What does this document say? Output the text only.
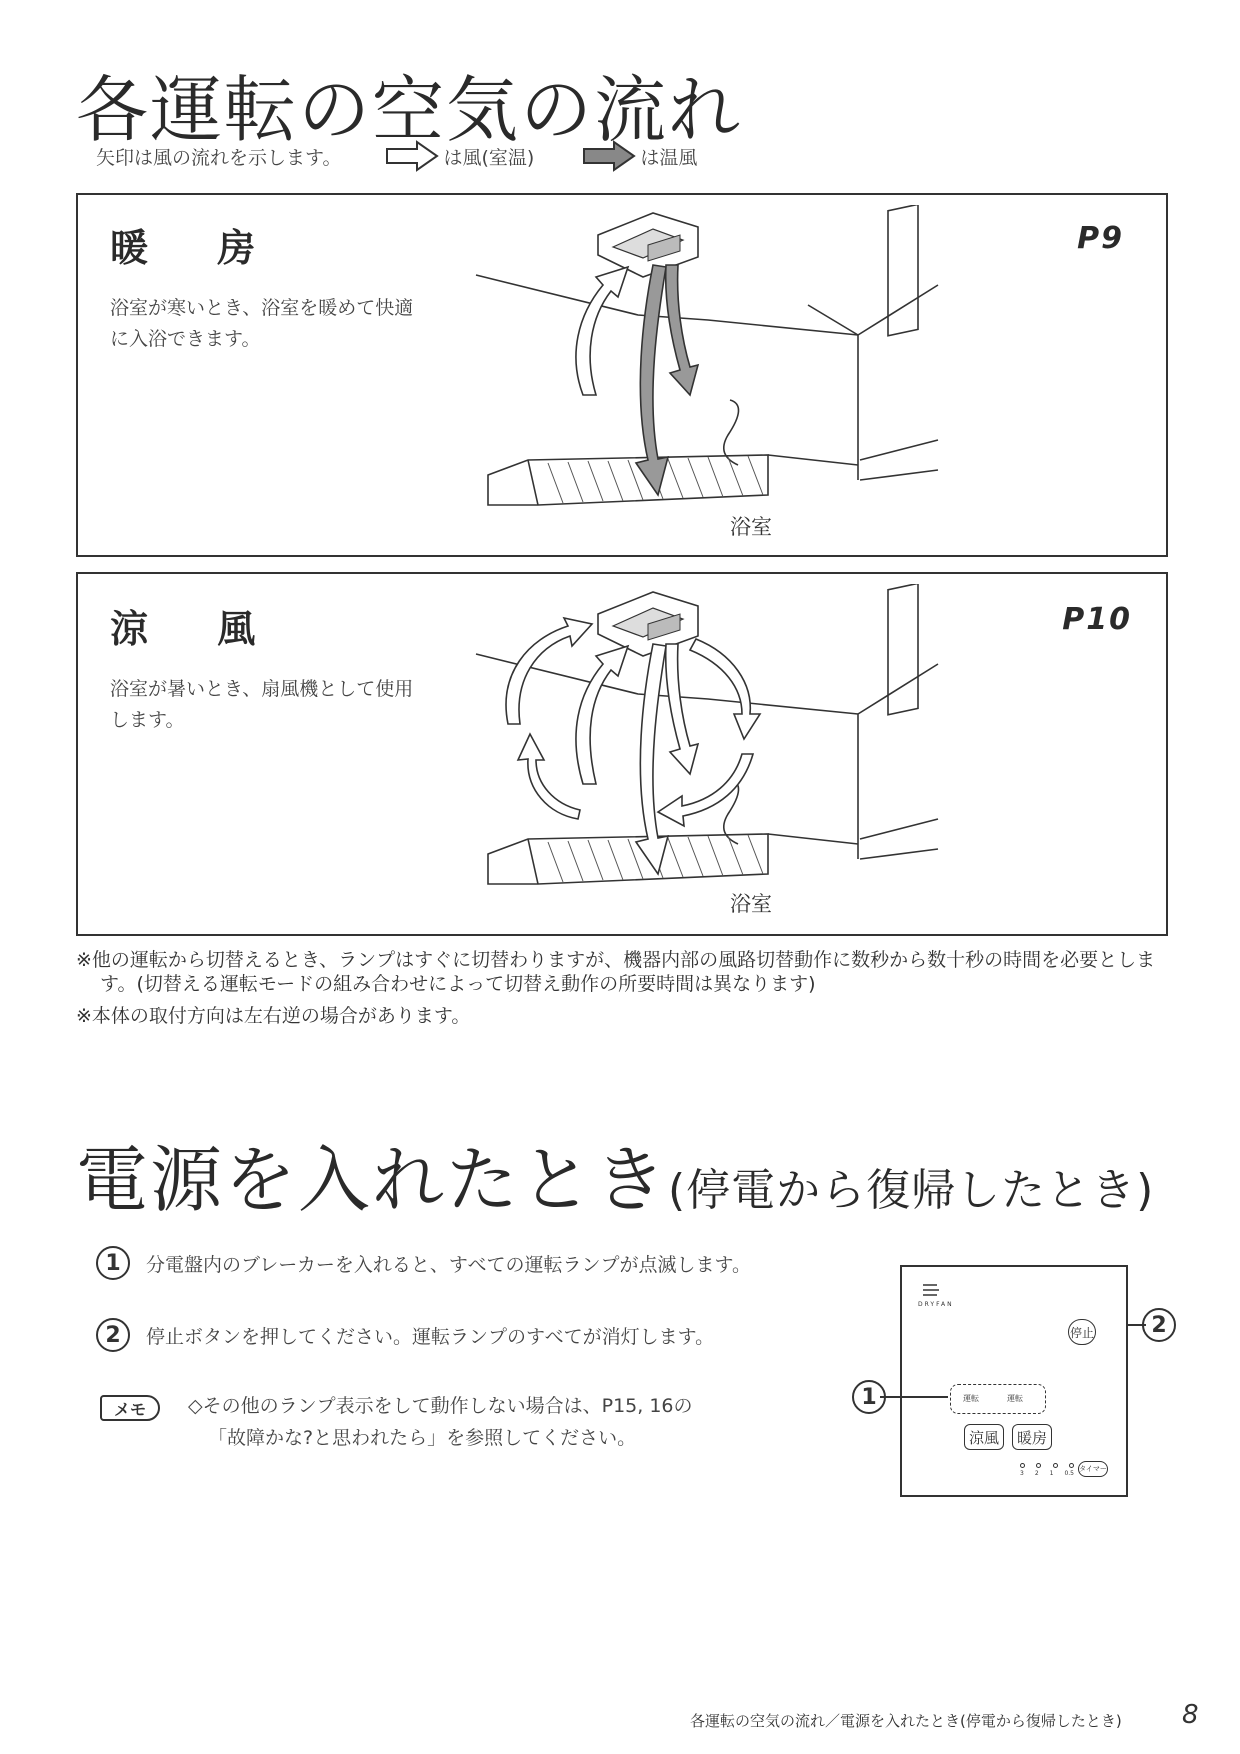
各運転の空気の流れ
矢印は風の流れを示します。	は風(室温)	は温風
暖 房	P9
浴室が寒いとき、浴室を暖めて快適に入浴できます。
浴室
涼 風	P10
浴室が暑いとき、扇風機として使用します。
浴室
※他の運転から切替えるとき、ランプはすぐに切替わりますが、機器内部の風路切替動作に数秒から数十秒の時間を必要とします。(切替える運転モードの組み合わせによって切替え動作の所要時間は異なります)
※本体の取付方向は左右逆の場合があります。
電源を入れたとき(停電から復帰したとき)
1	分電盤内のブレーカーを入れると、すべての運転ランプが点滅します。
2	停止ボタンを押してください。運転ランプのすべてが消灯します。
メモ	◇その他のランプ表示をして動作しない場合は、P15, 16の
「故障かな?と思われたら」を参照してください。
DRYFAN
停止
運転	運転
涼風	暖房
3 2 1 0.5
タイマー
2
1
各運転の空気の流れ／電源を入れたとき(停電から復帰したとき) 8
